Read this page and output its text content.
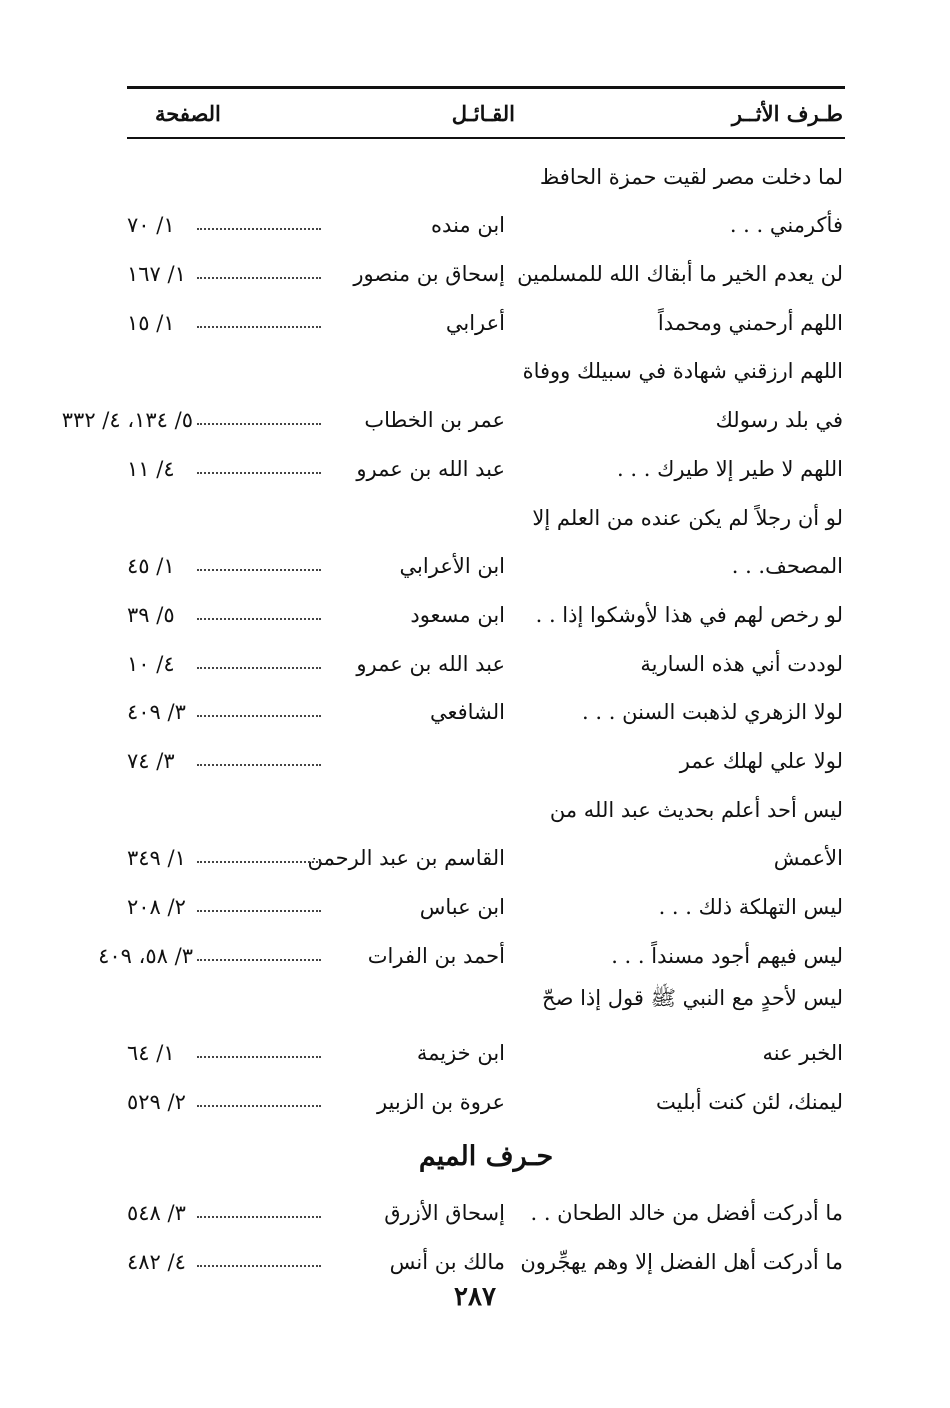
طـرف الأثــر
القـائـل
الصفحة
لما دخلت مصر لقيت حمزة الحافظ
فأكرمني . . .
ابن منده
١/ ٧٠
لن يعدم الخير ما أبقاك الله للمسلمين
إسحاق بن منصور
١/ ١٦٧
اللهم أرحمني ومحمداً
أعرابي
١/ ١٥
اللهم ارزقني شهادة في سبيلك ووفاة
في بلد رسولك
عمر بن الخطاب
٥/ ١٣٤، ٤/ ٣٣٢
اللهم لا طير إلا طيرك . . .
عبد الله بن عمرو
٤/ ١١
لو أن رجلاً لم يكن عنده من العلم إلا
المصحف. . .
ابن الأعرابي
١/ ٤٥
لو رخص لهم في هذا لأوشكوا إذا . .
ابن مسعود
٥/ ٣٩
لوددت أني هذه السارية
عبد الله بن عمرو
٤/ ١٠
لولا الزهري لذهبت السنن . . .
الشافعي
٣/ ٤٠٩
لولا علي لهلك عمر
٣/ ٧٤
ليس أحد أعلم بحديث عبد الله من
الأعمش
القاسم بن عبد الرحمن
١/ ٣٤٩
ليس التهلكة ذلك . . .
ابن عباس
٢/ ٢٠٨
ليس فيهم أجود مسنداً . . .
أحمد بن الفرات
٣/ ٥٨، ٤٠٩
ليس لأحدٍ مع النبي ﷺ قول إذا صحّ
الخبر عنه
ابن خزيمة
١/ ٦٤
ليمنك، لئن كنت أبليت
عروة بن الزبير
٢/ ٥٢٩
حـرف الميم
ما أدركت أفضل من خالد الطحان . .
إسحاق الأزرق
٣/ ٥٤٨
ما أدركت أهل الفضل إلا وهم يهجِّرون
مالك بن أنس
٤/ ٤٨٢
٢٨٧
